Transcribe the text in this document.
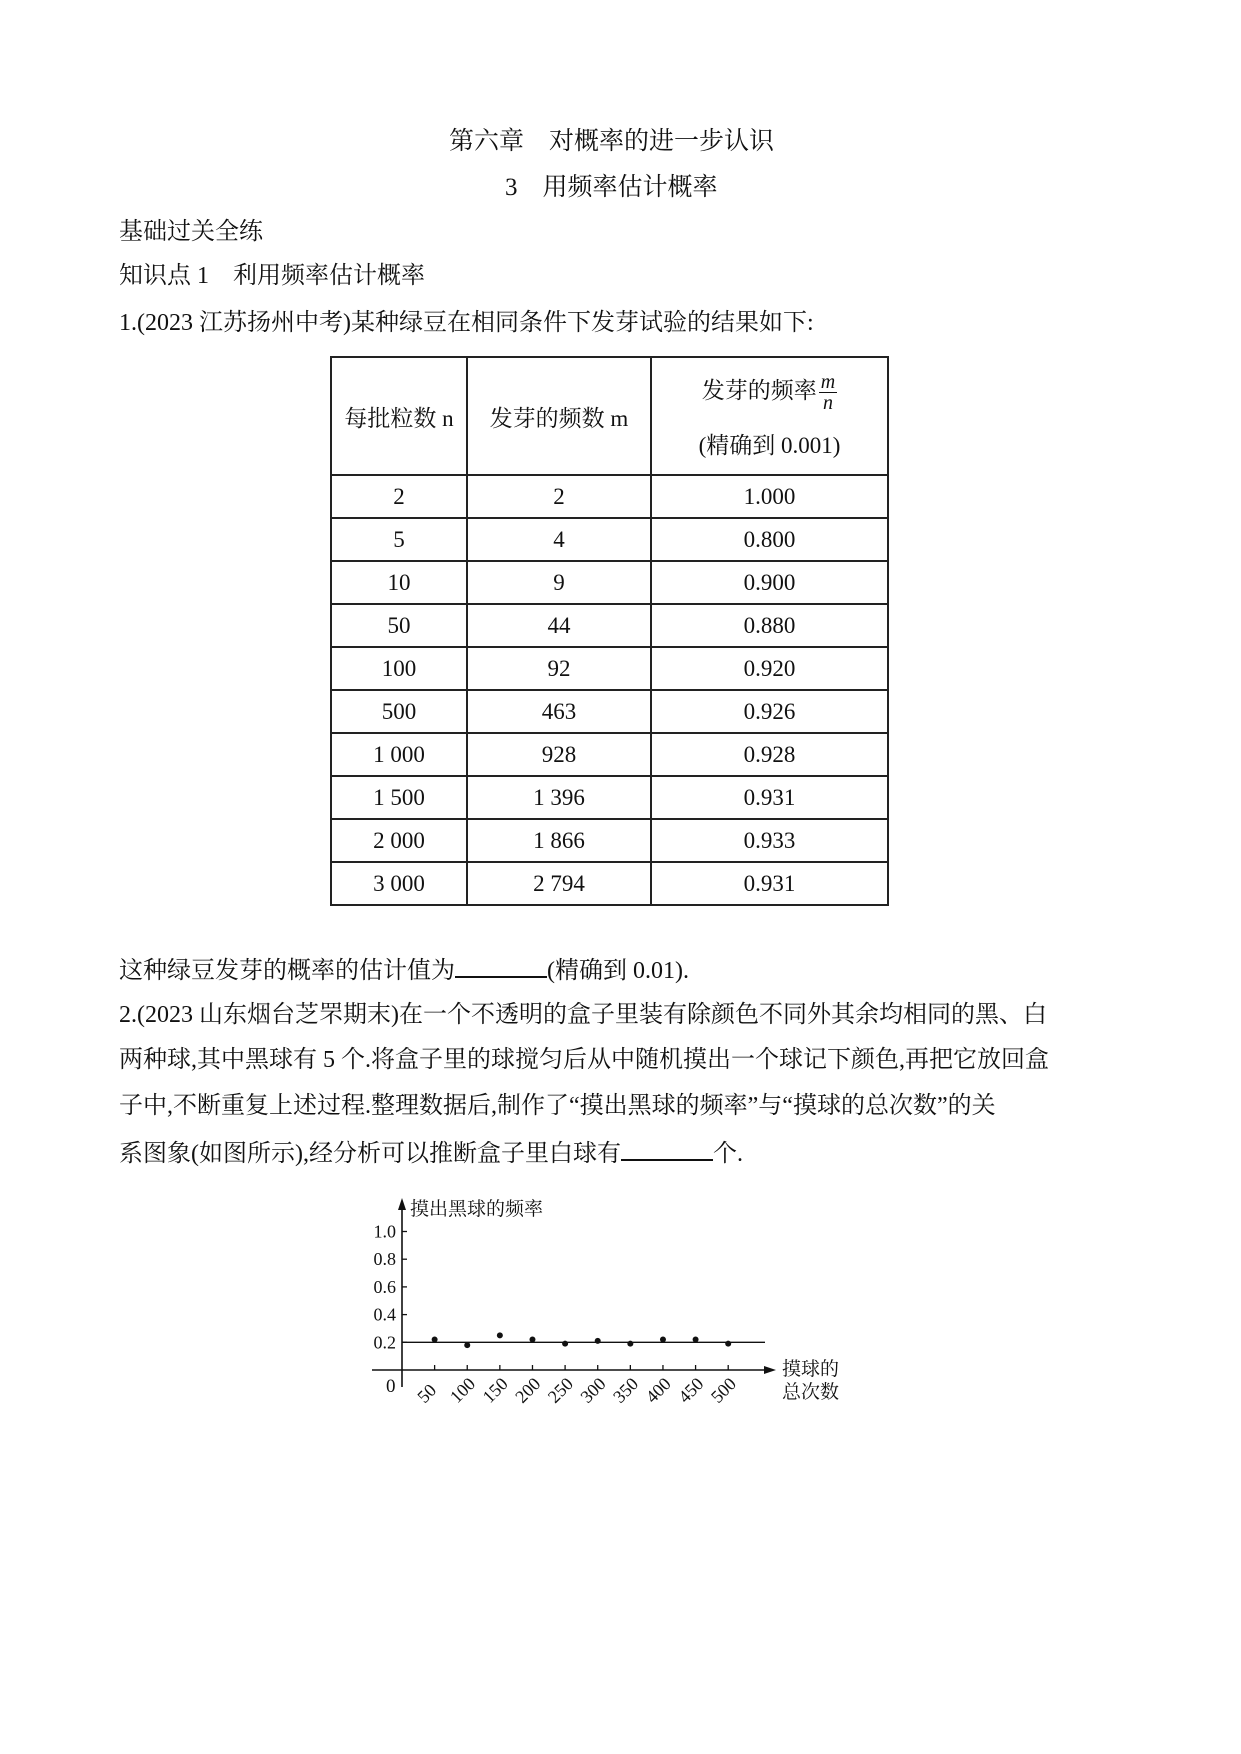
第六章　对概率的进一步认识
3　用频率估计概率
基础过关全练
知识点 1　利用频率估计概率
1.(2023 江苏扬州中考)某种绿豆在相同条件下发芽试验的结果如下:
每批粒数 n	发芽的频数 m	发芽的频率 $\frac{m}{n}$
(精确到 0.001)

2	2	1.000
5	4	0.800
10	9	0.900
50	44	0.880
100	92	0.920
500	463	0.926
1 000	928	0.928
1 500	1 396	0.931
2 000	1 866	0.933
3 000	2 794	0.931
这种绿豆发芽的概率的估计值为	(精确到 0.01).
2.(2023 山东烟台芝罘期末)在一个不透明的盒子里装有除颜色不同外其余均相同的黑、白
两种球,其中黑球有 5 个.将盒子里的球搅匀后从中随机摸出一个球记下颜色,再把它放回盒
子中,不断重复上述过程.整理数据后,制作了“摸出黑球的频率”与“摸球的总次数”的关
系图象(如图所示),经分析可以推断盒子里白球有	个.
摸出黑球的频率
摸球的
总次数
0
0.2
0.4
0.6
0.8
1.0
50 100 150 200 250 300 350 400 450 500
